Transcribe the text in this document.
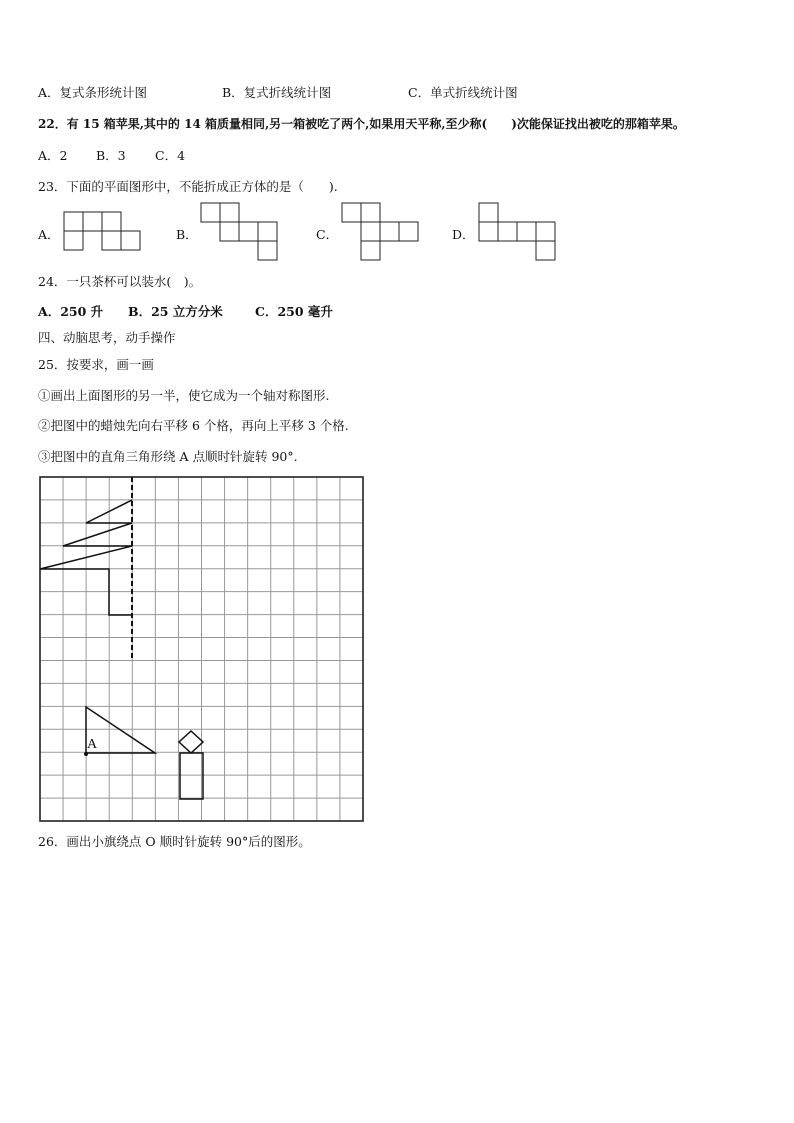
A．复式条形统计图	B．复式折线统计图	C．单式折线统计图
22．有 15 箱苹果,其中的 14 箱质量相同,另一箱被吃了两个,如果用天平称,至少称(　　)次能保证找出被吃的那箱苹果。
A．2 B．3 C．4
23．下面的平面图形中，不能折成正方体的是（　　).
A．	B．	C．	D．
24．一只茶杯可以装水(　)。
A．250 升 B．25 立方分米	C．250 毫升
四、动脑思考，动手操作
25．按要求，画一画
①画出上面图形的另一半，使它成为一个轴对称图形.
②把图中的蜡烛先向右平移 6 个格，再向上平移 3 个格.
③把图中的直角三角形绕 A 点顺时针旋转 90°.
A
26．画出小旗绕点 O 顺时针旋转 90°后的图形。
